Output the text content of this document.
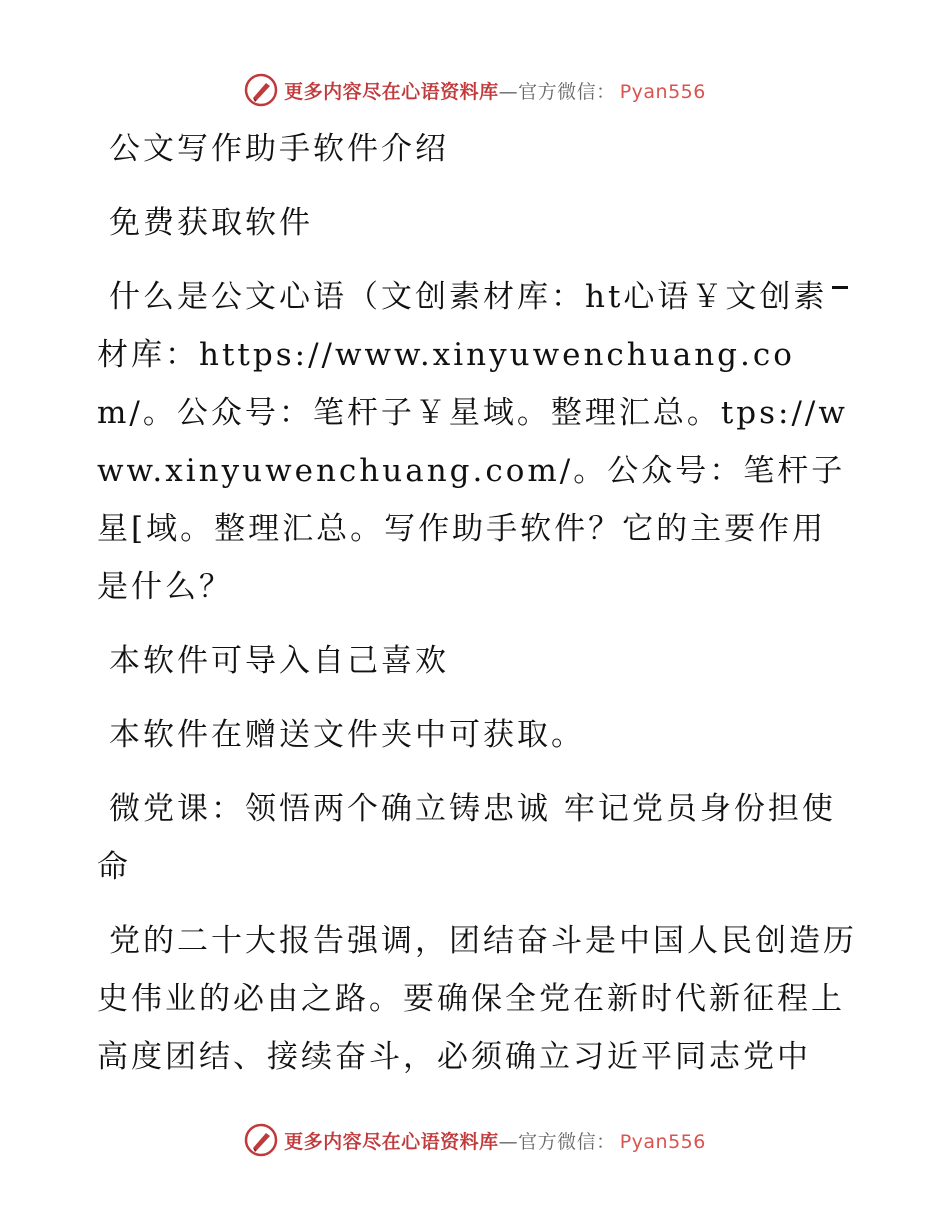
更多内容尽在心语资料库—官方微信： Pyan556

公文写作助手软件介绍

免费获取软件

什么是公文心语（文创素材库：ht心语￥文创素材库：https://www.xinyuwenchuang.com/。公众号：笔杆子￥星域。整理汇总。tps://www.xinyuwenchuang.com/。公众号：笔杆子星[域。整理汇总。写作助手软件？它的主要作用是什么？

本软件可导入自己喜欢

本软件在赠送文件夹中可获取。

微党课：领悟两个确立铸忠诚 牢记党员身份担使命

党的二十大报告强调，团结奋斗是中国人民创造历史伟业的必由之路。要确保全党在新时代新征程上高度团结、接续奋斗，必须确立习近平同志党中

更多内容尽在心语资料库—官方微信： Pyan556
